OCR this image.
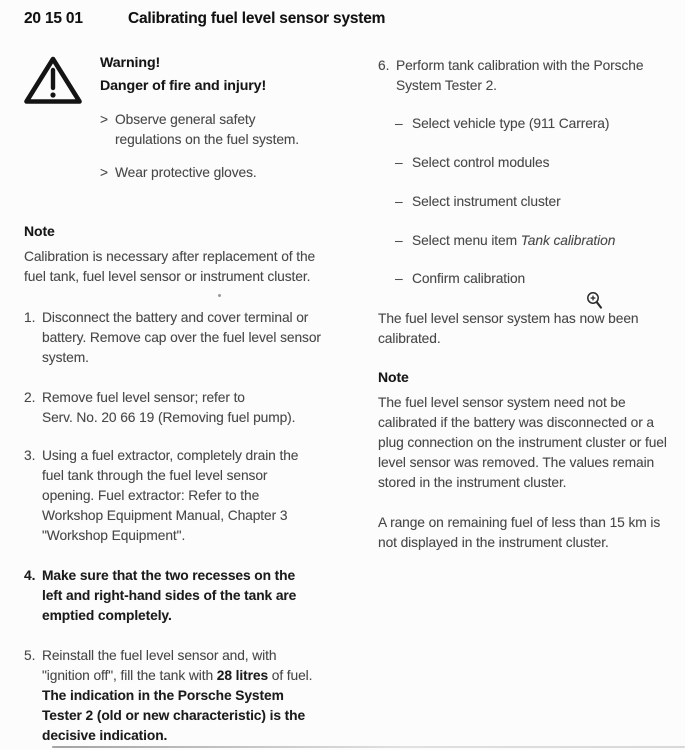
20 15 01	Calibrating fuel level sensor system
Warning!
Danger of fire and injury!
> Observe general safety
regulations on the fuel system.
> Wear protective gloves.
Note
Calibration is necessary after replacement of the
fuel tank, fuel level sensor or instrument cluster.
1. Disconnect the battery and cover terminal or
battery. Remove cap over the fuel level sensor
system.
2. Remove fuel level sensor; refer to
Serv. No. 20 66 19 (Removing fuel pump).
3. Using a fuel extractor, completely drain the
fuel tank through the fuel level sensor
opening. Fuel extractor: Refer to the
Workshop Equipment Manual, Chapter 3
"Workshop Equipment".
4. Make sure that the two recesses on the
left and right-hand sides of the tank are
emptied completely.
5. Reinstall the fuel level sensor and, with
"ignition off", fill the tank with 28 litres of fuel.
The indication in the Porsche System
Tester 2 (old or new characteristic) is the
decisive indication.
6. Perform tank calibration with the Porsche
System Tester 2.
– Select vehicle type (911 Carrera)
– Select control modules
– Select instrument cluster
– Select menu item Tank calibration
– Confirm calibration
The fuel level sensor system has now been
calibrated.
Note
The fuel level sensor system need not be
calibrated if the battery was disconnected or a
plug connection on the instrument cluster or fuel
level sensor was removed. The values remain
stored in the instrument cluster.
A range on remaining fuel of less than 15 km is
not displayed in the instrument cluster.
